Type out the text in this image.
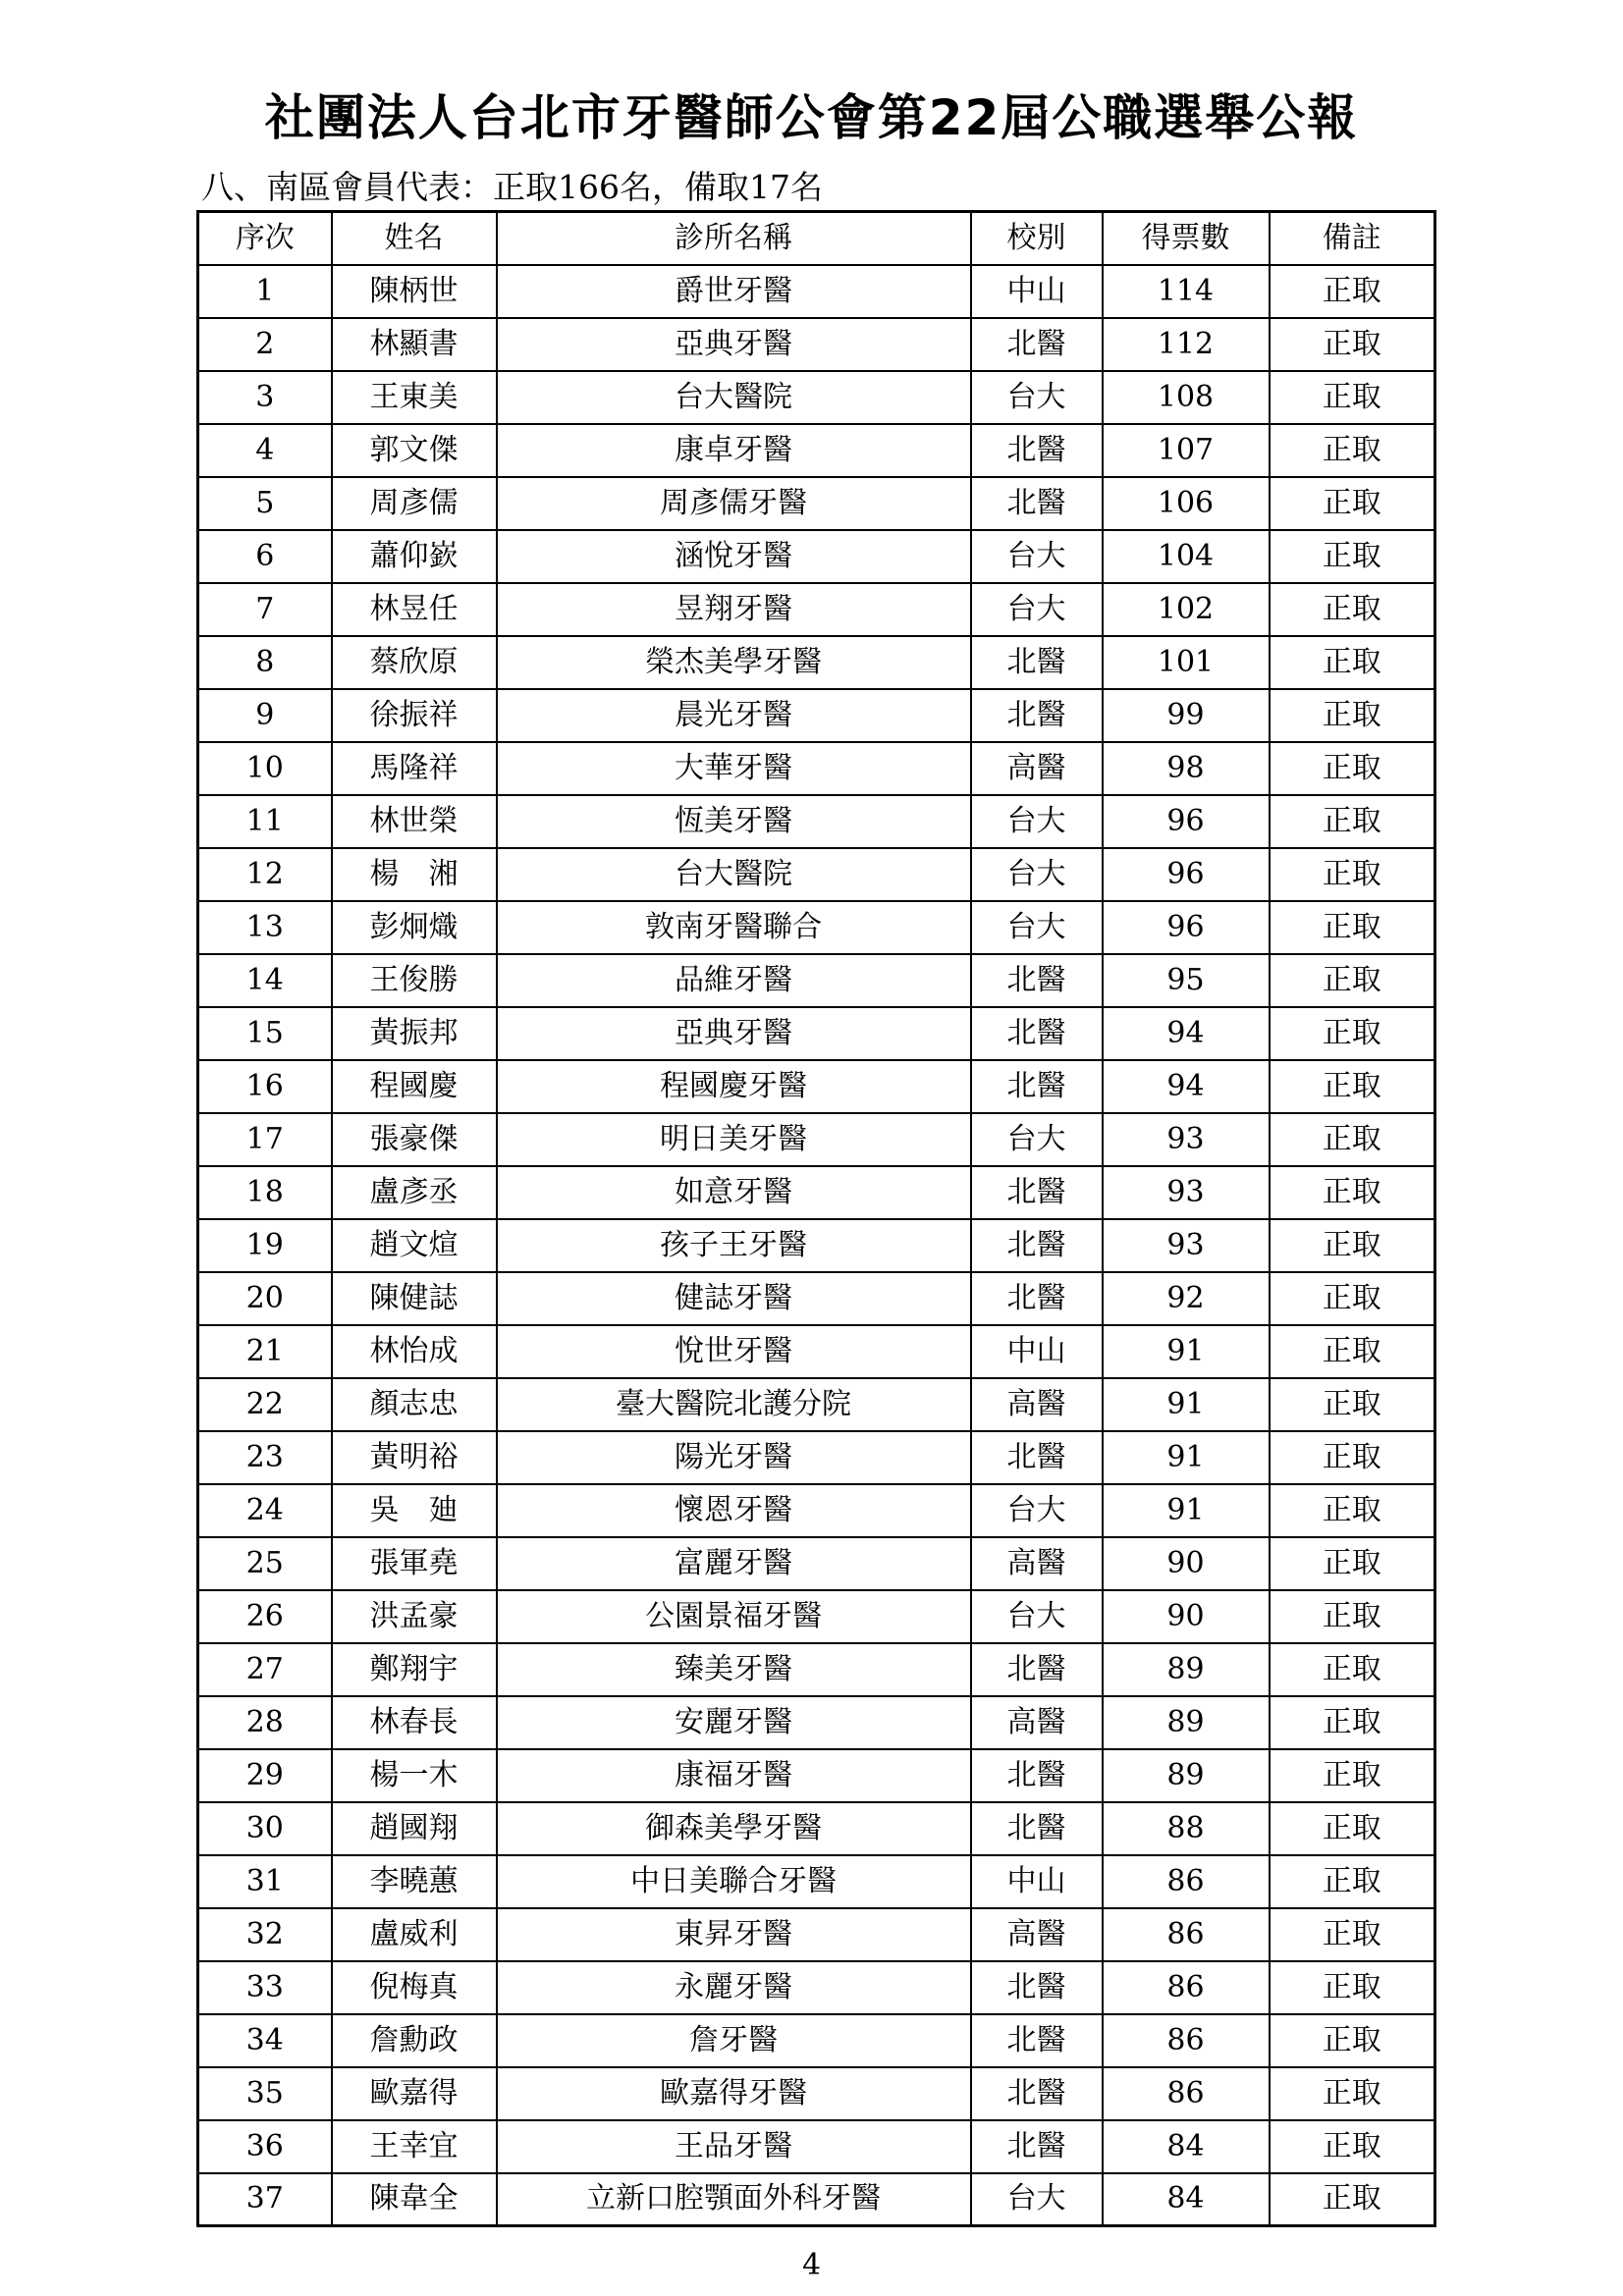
社團法人台北市牙醫師公會第22屆公職選舉公報
八、南區會員代表：正取166名，備取17名
序次	姓名	診所名稱	校別	得票數	備註
1	陳柄世	爵世牙醫	中山	114	正取
2	林顯書	亞典牙醫	北醫	112	正取
3	王東美	台大醫院	台大	108	正取
4	郭文傑	康卓牙醫	北醫	107	正取
5	周彥儒	周彥儒牙醫	北醫	106	正取
6	蕭仰嶔	涵悅牙醫	台大	104	正取
7	林昱任	昱翔牙醫	台大	102	正取
8	蔡欣原	榮杰美學牙醫	北醫	101	正取
9	徐振祥	晨光牙醫	北醫	99	正取
10	馬隆祥	大華牙醫	高醫	98	正取
11	林世榮	恆美牙醫	台大	96	正取
12	楊　湘	台大醫院	台大	96	正取
13	彭炯熾	敦南牙醫聯合	台大	96	正取
14	王俊勝	品維牙醫	北醫	95	正取
15	黃振邦	亞典牙醫	北醫	94	正取
16	程國慶	程國慶牙醫	北醫	94	正取
17	張豪傑	明日美牙醫	台大	93	正取
18	盧彥丞	如意牙醫	北醫	93	正取
19	趙文煊	孩子王牙醫	北醫	93	正取
20	陳健誌	健誌牙醫	北醫	92	正取
21	林怡成	悅世牙醫	中山	91	正取
22	顏志忠	臺大醫院北護分院	高醫	91	正取
23	黃明裕	陽光牙醫	北醫	91	正取
24	吳　廸	懷恩牙醫	台大	91	正取
25	張軍堯	富麗牙醫	高醫	90	正取
26	洪孟豪	公園景福牙醫	台大	90	正取
27	鄭翔宇	臻美牙醫	北醫	89	正取
28	林春長	安麗牙醫	高醫	89	正取
29	楊一木	康福牙醫	北醫	89	正取
30	趙國翔	御森美學牙醫	北醫	88	正取
31	李曉蕙	中日美聯合牙醫	中山	86	正取
32	盧威利	東昇牙醫	高醫	86	正取
33	倪梅真	永麗牙醫	北醫	86	正取
34	詹勳政	詹牙醫	北醫	86	正取
35	歐嘉得	歐嘉得牙醫	北醫	86	正取
36	王幸宜	王品牙醫	北醫	84	正取
37	陳韋全	立新口腔顎面外科牙醫	台大	84	正取
4
